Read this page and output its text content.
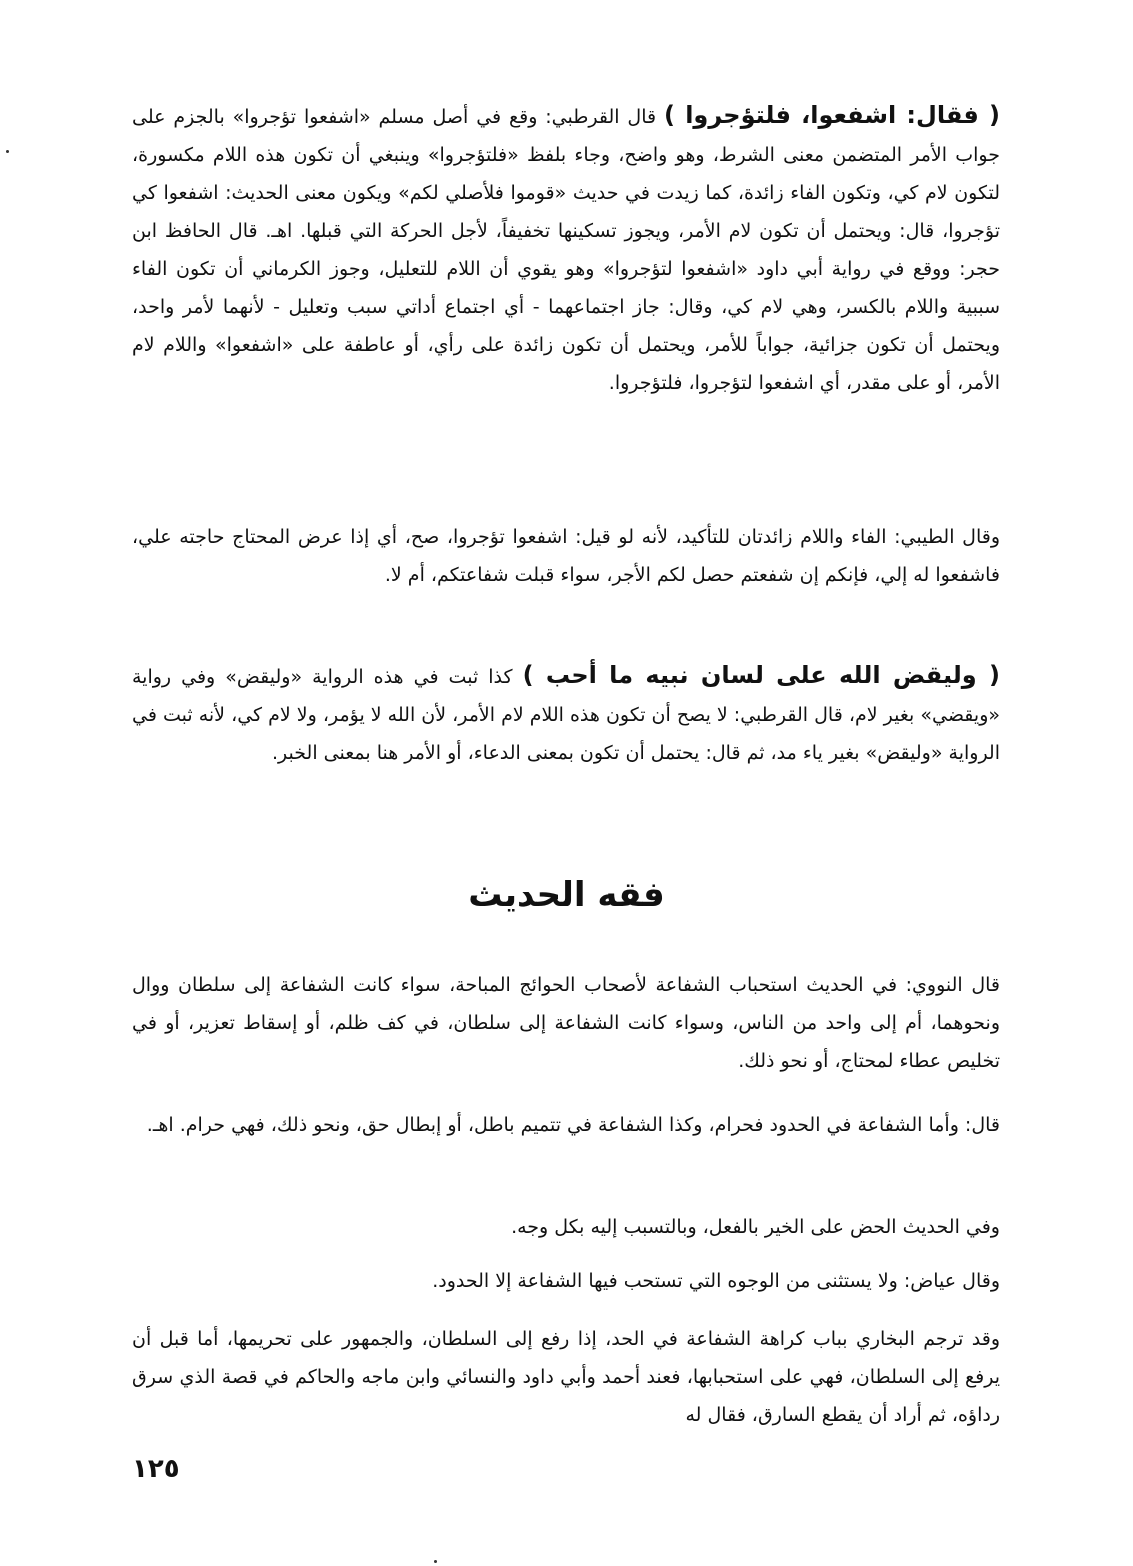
( فقال: اشفعوا، فلتؤجروا ) قال القرطبي: وقع في أصل مسلم «اشفعوا تؤجروا» بالجزم على جواب الأمر المتضمن معنى الشرط، وهو واضح، وجاء بلفظ «فلتؤجروا» وينبغي أن تكون هذه اللام مكسورة، لتكون لام كي، وتكون الفاء زائدة، كما زيدت في حديث «قوموا فلأصلي لكم» ويكون معنى الحديث: اشفعوا كي تؤجروا، قال: ويحتمل أن تكون لام الأمر، ويجوز تسكينها تخفيفاً، لأجل الحركة التي قبلها. اهـ. قال الحافظ ابن حجر: ووقع في رواية أبي داود «اشفعوا لتؤجروا» وهو يقوي أن اللام للتعليل، وجوز الكرماني أن تكون الفاء سببية واللام بالكسر، وهي لام كي، وقال: جاز اجتماعهما - أي اجتماع أداتي سبب وتعليل - لأنهما لأمر واحد، ويحتمل أن تكون جزائية، جواباً للأمر، ويحتمل أن تكون زائدة على رأي، أو عاطفة على «اشفعوا» واللام لام الأمر، أو على مقدر، أي اشفعوا لتؤجروا، فلتؤجروا.

وقال الطيبي: الفاء واللام زائدتان للتأكيد، لأنه لو قيل: اشفعوا تؤجروا، صح، أي إذا عرض المحتاج حاجته علي، فاشفعوا له إلي، فإنكم إن شفعتم حصل لكم الأجر، سواء قبلت شفاعتكم، أم لا.

( وليقض الله على لسان نبيه ما أحب ) كذا ثبت في هذه الرواية «وليقض» وفي رواية «ويقضي» بغير لام، قال القرطبي: لا يصح أن تكون هذه اللام لام الأمر، لأن الله لا يؤمر، ولا لام كي، لأنه ثبت في الرواية «وليقض» بغير ياء مد، ثم قال: يحتمل أن تكون بمعنى الدعاء، أو الأمر هنا بمعنى الخبر.

فقه الحديث

قال النووي: في الحديث استحباب الشفاعة لأصحاب الحوائج المباحة، سواء كانت الشفاعة إلى سلطان ووال ونحوهما، أم إلى واحد من الناس، وسواء كانت الشفاعة إلى سلطان، في كف ظلم، أو إسقاط تعزير، أو في تخليص عطاء لمحتاج، أو نحو ذلك.

قال: وأما الشفاعة في الحدود فحرام، وكذا الشفاعة في تتميم باطل، أو إبطال حق، ونحو ذلك، فهي حرام. اهـ.

وفي الحديث الحض على الخير بالفعل، وبالتسبب إليه بكل وجه.

وقال عياض: ولا يستثنى من الوجوه التي تستحب فيها الشفاعة إلا الحدود.

وقد ترجم البخاري بباب كراهة الشفاعة في الحد، إذا رفع إلى السلطان، والجمهور على تحريمها، أما قبل أن يرفع إلى السلطان، فهي على استحبابها، فعند أحمد وأبي داود والنسائي وابن ماجه والحاكم في قصة الذي سرق رداؤه، ثم أراد أن يقطع السارق، فقال له

١٢٥
